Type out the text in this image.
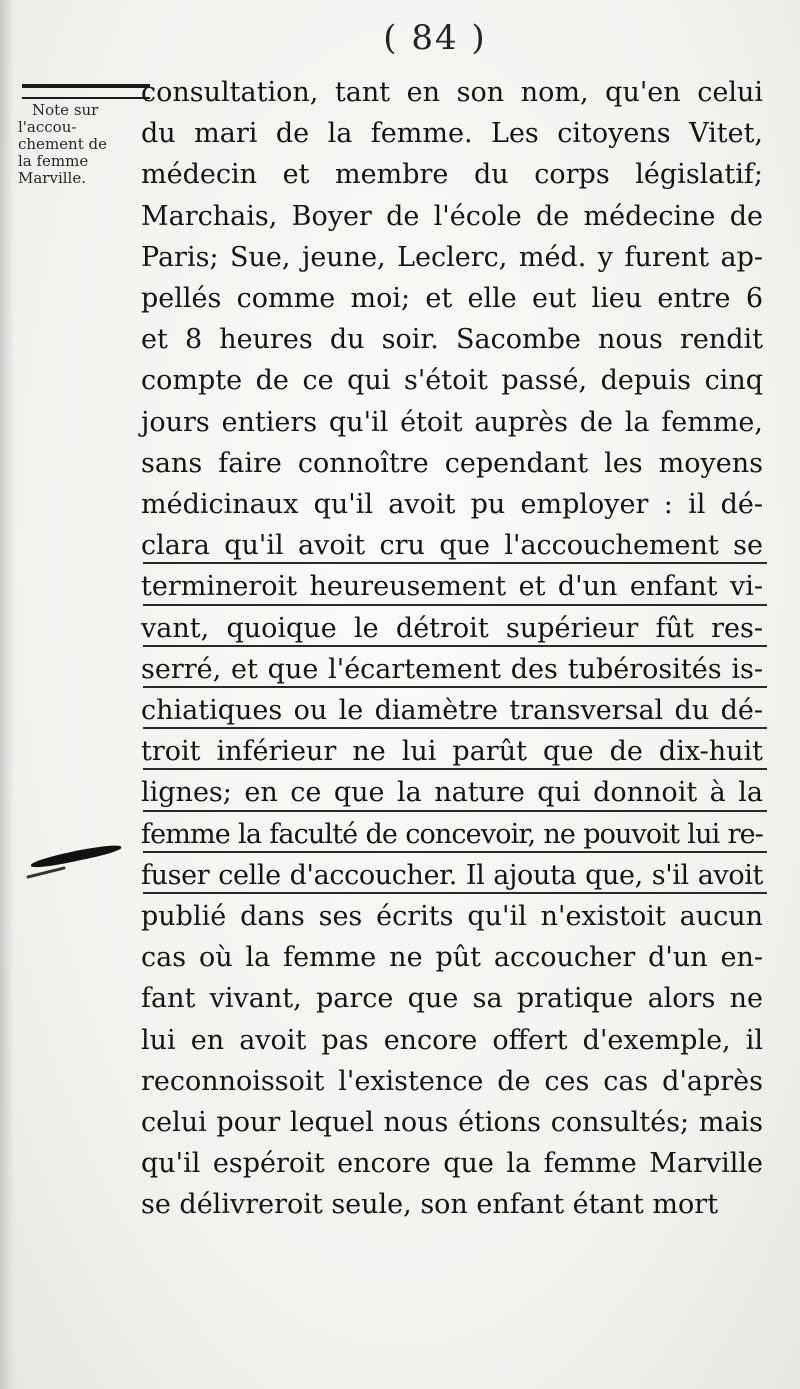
( 84 )
Note sur
l'accou-
chement de
la femme
Marville.
consultation, tant en son nom, qu'en celui
du mari de la femme. Les citoyens Vitet,
médecin et membre du corps législatif;
Marchais, Boyer de l'école de médecine de
Paris; Sue, jeune, Leclerc, méd. y furent ap-
pellés comme moi; et elle eut lieu entre 6
et 8 heures du soir. Sacombe nous rendit
compte de ce qui s'étoit passé, depuis cinq
jours entiers qu'il étoit auprès de la femme,
sans faire connoître cependant les moyens
médicinaux qu'il avoit pu employer : il dé-
clara qu'il avoit cru que l'accouchement se
termineroit heureusement et d'un enfant vi-
vant, quoique le détroit supérieur fût res-
serré, et que l'écartement des tubérosités is-
chiatiques ou le diamètre transversal du dé-
troit inférieur ne lui parût que de dix-huit
lignes; en ce que la nature qui donnoit à la
femme la faculté de concevoir, ne pouvoit lui re-
fuser celle d'accoucher. Il ajouta que, s'il avoit
publié dans ses écrits qu'il n'existoit aucun
cas où la femme ne pût accoucher d'un en-
fant vivant, parce que sa pratique alors ne
lui en avoit pas encore offert d'exemple, il
reconnoissoit l'existence de ces cas d'après
celui pour lequel nous étions consultés; mais
qu'il espéroit encore que la femme Marville
se délivreroit seule, son enfant étant mort
